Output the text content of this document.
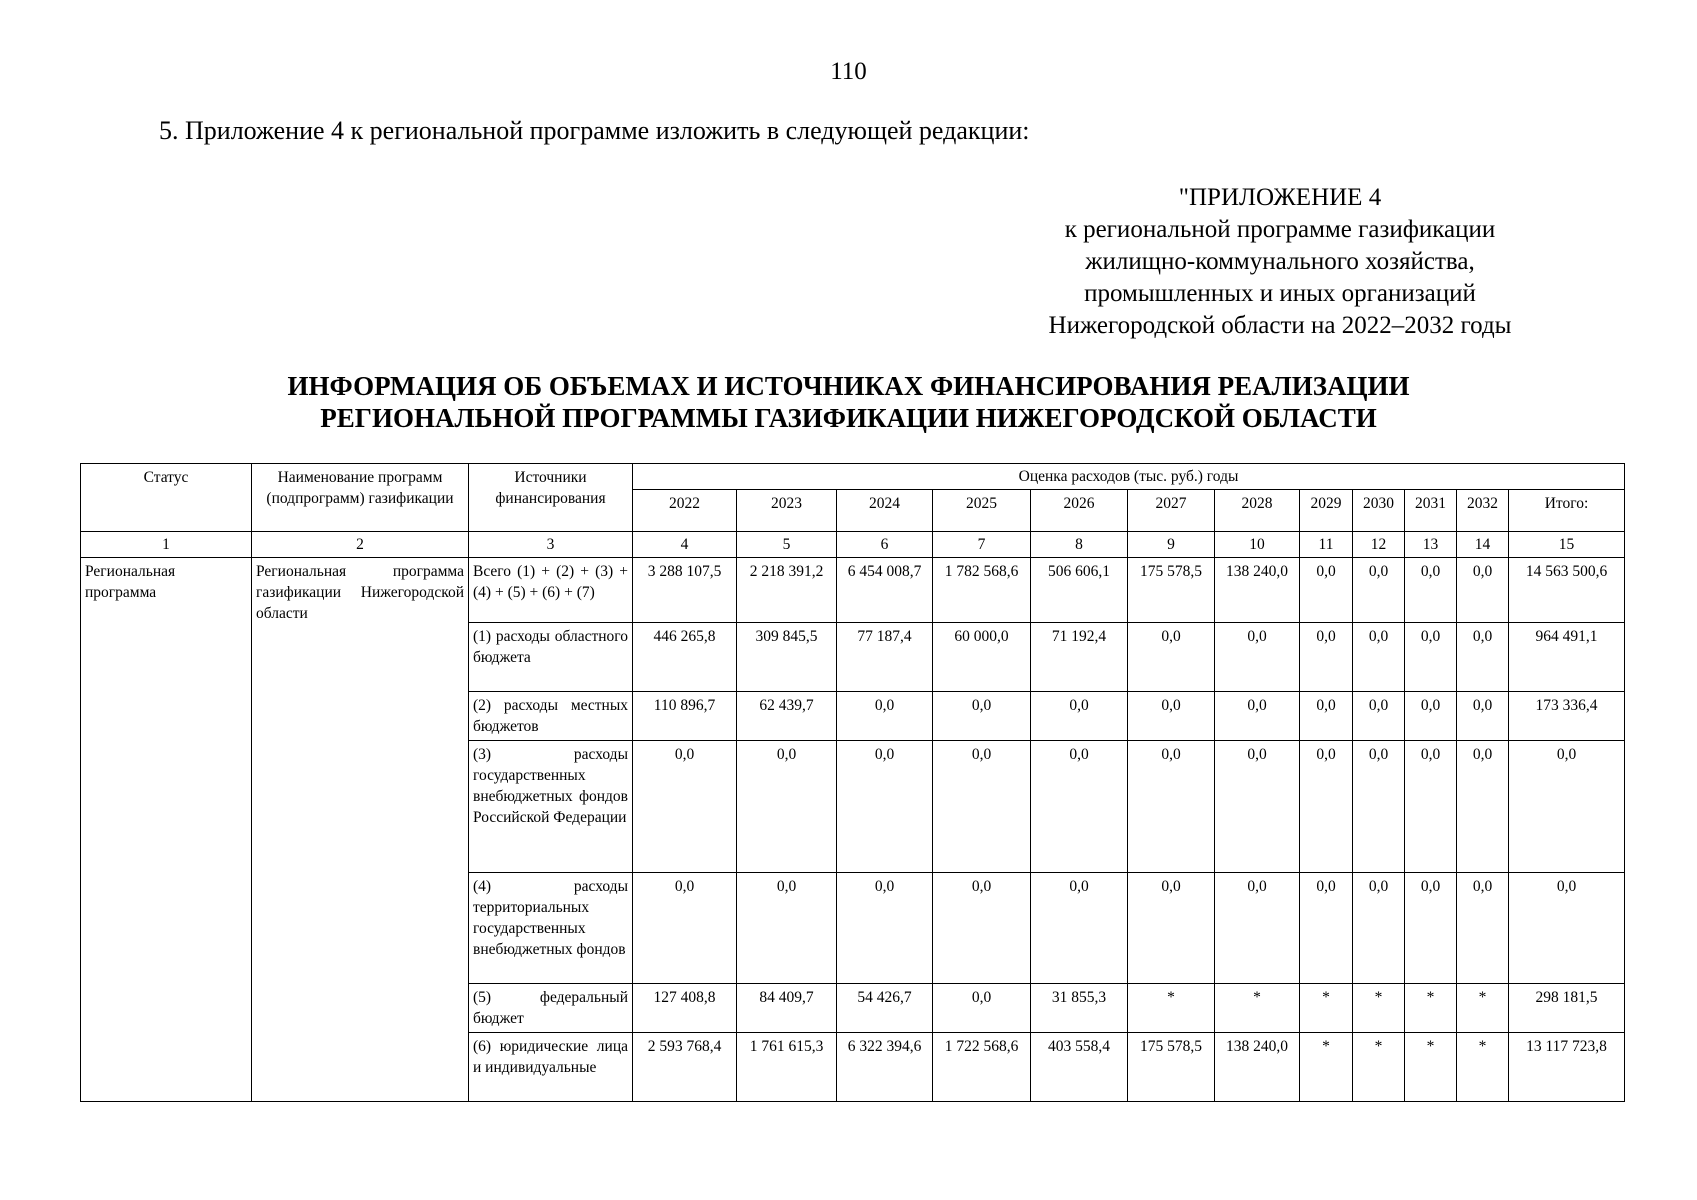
110
5. Приложение 4 к региональной программе изложить в следующей редакции:
"ПРИЛОЖЕНИЕ 4
к региональной программе газификации
жилищно-коммунального хозяйства,
промышленных и иных организаций
Нижегородской области на 2022–2032 годы
ИНФОРМАЦИЯ ОБ ОБЪЕМАХ И ИСТОЧНИКАХ ФИНАНСИРОВАНИЯ РЕАЛИЗАЦИИ
РЕГИОНАЛЬНОЙ ПРОГРАММЫ ГАЗИФИКАЦИИ НИЖЕГОРОДСКОЙ ОБЛАСТИ
Статус	Наименование программ (подпрограмм) газификации	Источники финансирования	Оценка расходов (тыс. руб.) годы											
			2022	2023	2024	2025	2026	2027	2028	2029	2030	2031	2032	Итого:
1	2	3	4	5	6	7	8	9	10	11	12	13	14	15
Региональная программа	Региональная программа газификации Нижегородской области	Всего (1) + (2) + (3) + (4) + (5) + (6) + (7)	3 288 107,5	2 218 391,2	6 454 008,7	1 782 568,6	506 606,1	175 578,5	138 240,0	0,0	0,0	0,0	0,0	14 563 500,6
		(1) расходы областного бюджета	446 265,8	309 845,5	77 187,4	60 000,0	71 192,4	0,0	0,0	0,0	0,0	0,0	0,0	964 491,1
		(2) расходы местных бюджетов	110 896,7	62 439,7	0,0	0,0	0,0	0,0	0,0	0,0	0,0	0,0	0,0	173 336,4
		(3) расходы государственных внебюджетных фондов Российской Федерации	0,0	0,0	0,0	0,0	0,0	0,0	0,0	0,0	0,0	0,0	0,0	0,0
		(4) расходы территориальных государственных внебюджетных фондов	0,0	0,0	0,0	0,0	0,0	0,0	0,0	0,0	0,0	0,0	0,0	0,0
		(5) федеральный бюджет	127 408,8	84 409,7	54 426,7	0,0	31 855,3	*	*	*	*	*	*	298 181,5
		(6) юридические лица и индивидуальные	2 593 768,4	1 761 615,3	6 322 394,6	1 722 568,6	403 558,4	175 578,5	138 240,0	*	*	*	*	13 117 723,8
